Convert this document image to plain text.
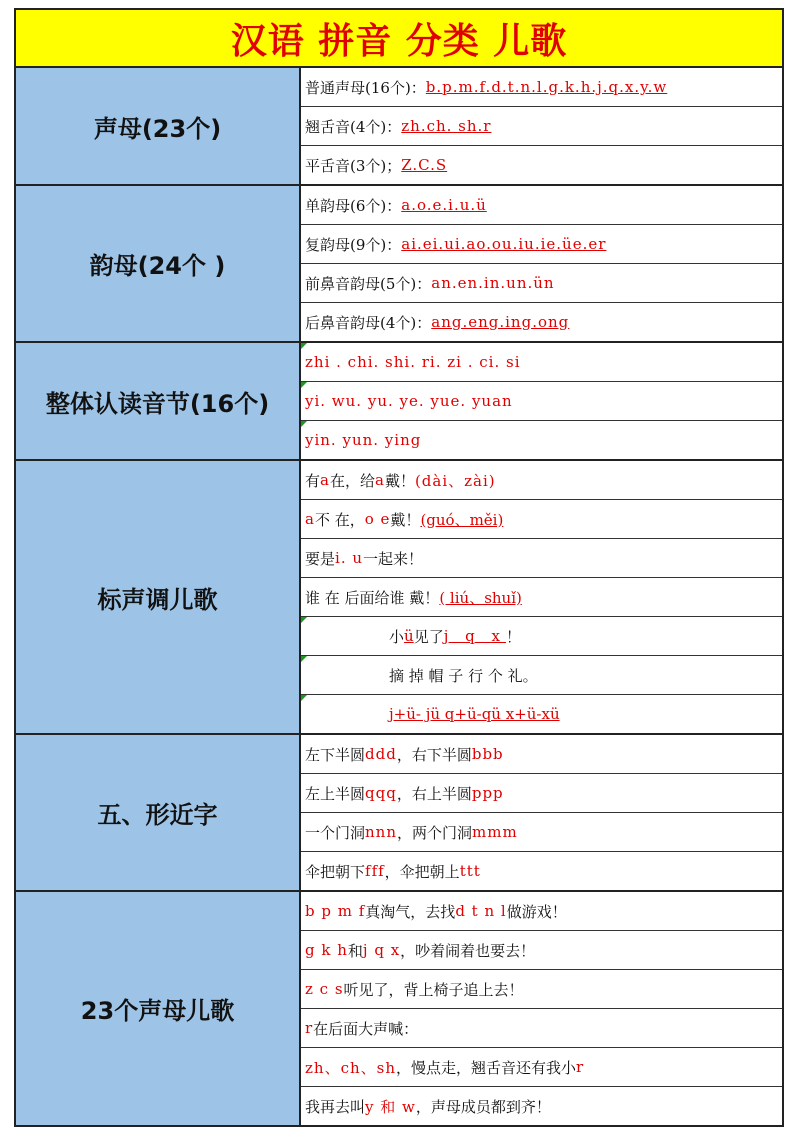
汉语 拼音 分类 儿歌
声母(23个)
普通声母(16个)： b.p.m.f.d.t.n.l.g.k.h.j.q.x.y.w
翘舌音(4个)： zh.ch. sh.r
平舌音(3个)； Z.C.S
韵母(24个 )
单韵母(6个)： a.o.e.i.u.ü
复韵母(9个)： ai.ei.ui.ao.ou.iu.ie.üe.er
前鼻音韵母(5个)： an.en.in.un.ün
后鼻音韵母(4个)： ang.eng.ing.ong
整体认读音节(16个)
zhi . chi. shi. ri. zi . ci. si
yi. wu. yu. ye. yue. yuan
yin. yun. ying
标声调儿歌
有 a 在，给 a 戴！ (dài、zài)
a 不 在， o e 戴！ (guó、měi)
要是 i. u 一起来！
谁 在 后面给谁 戴！ ( liú、shuǐ)
小 ü 见了 j q x ！
摘 掉 帽 子 行 个 礼。
j+ü- jü q+ü-qü x+ü-xü
五、形近字
左下半圆 ddd ，右下半圆 bbb
左上半圆 qqq ，右上半圆 ppp
一个门洞 nnn ，两个门洞 mmm
伞把朝下 fff ，伞把朝上 ttt
23个声母儿歌
b p m f 真淘气，去找 d t n l 做游戏！
g k h 和 j q x ，吵着闹着也要去！
z c s 听见了，背上椅子追上去！
r 在后面大声喊：
zh、ch、sh ，慢点走，翘舌音还有我小 r
我再去叫 y 和 w ，声母成员都到齐！
